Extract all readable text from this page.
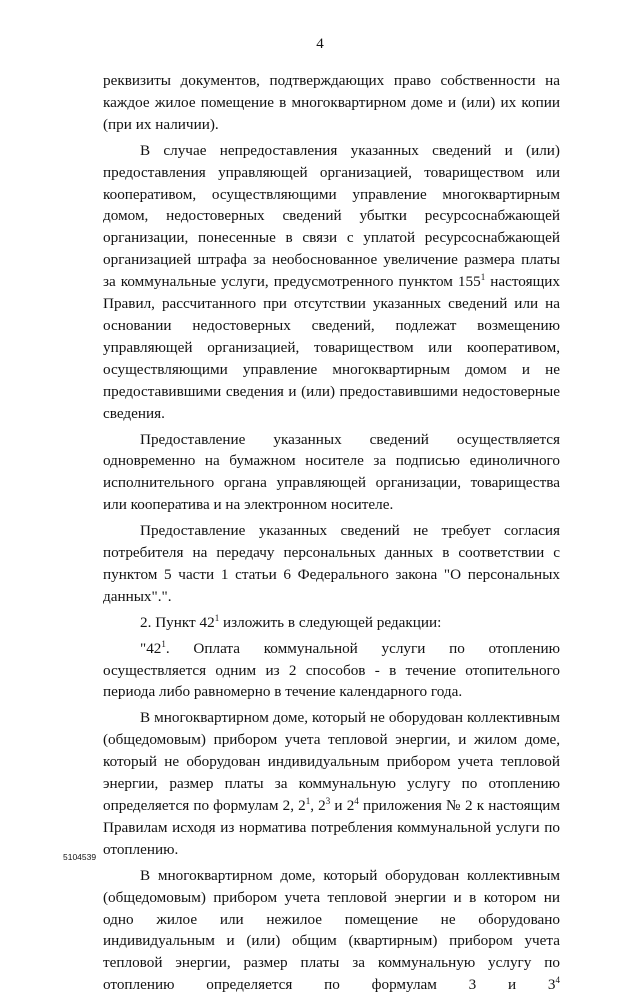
4

реквизиты документов, подтверждающих право собственности на каждое жилое помещение в многоквартирном доме и (или) их копии (при их наличии).

В случае непредоставления указанных сведений и (или) предоставления управляющей организацией, товариществом или кооперативом, осуществляющими управление многоквартирным домом, недостоверных сведений убытки ресурсоснабжающей организации, понесенные в связи с уплатой ресурсоснабжающей организацией штрафа за необоснованное увеличение размера платы за коммунальные услуги, предусмотренного пунктом $155^1$ настоящих Правил, рассчитанного при отсутствии указанных сведений или на основании недостоверных сведений, подлежат возмещению управляющей организацией, товариществом или кооперативом, осуществляющими управление многоквартирным домом и не предоставившими сведения и (или) предоставившими недостоверные сведения.

Предоставление указанных сведений осуществляется одновременно на бумажном носителе за подписью единоличного исполнительного органа управляющей организации, товарищества или кооператива и на электронном носителе.

Предоставление указанных сведений не требует согласия потребителя на передачу персональных данных в соответствии с пунктом 5 части 1 статьи 6 Федерального закона "О персональных данных".".

2. Пункт $42^1$ изложить в следующей редакции:

"$42^1$. Оплата коммунальной услуги по отоплению осуществляется одним из 2 способов - в течение отопительного периода либо равномерно в течение календарного года.

В многоквартирном доме, который не оборудован коллективным (общедомовым) прибором учета тепловой энергии, и жилом доме, который не оборудован индивидуальным прибором учета тепловой энергии, размер платы за коммунальную услугу по отоплению определяется по формулам 2, $2^1$, $2^3$ и $2^4$ приложения № 2 к настоящим Правилам исходя из норматива потребления коммунальной услуги по отоплению.

В многоквартирном доме, который оборудован коллективным (общедомовым) прибором учета тепловой энергии и в котором ни одно жилое или нежилое помещение не оборудовано индивидуальным и (или) общим (квартирным) прибором учета тепловой энергии, размер платы за коммунальную услугу по отоплению определяется по формулам 3 и $3^4$

5104539
